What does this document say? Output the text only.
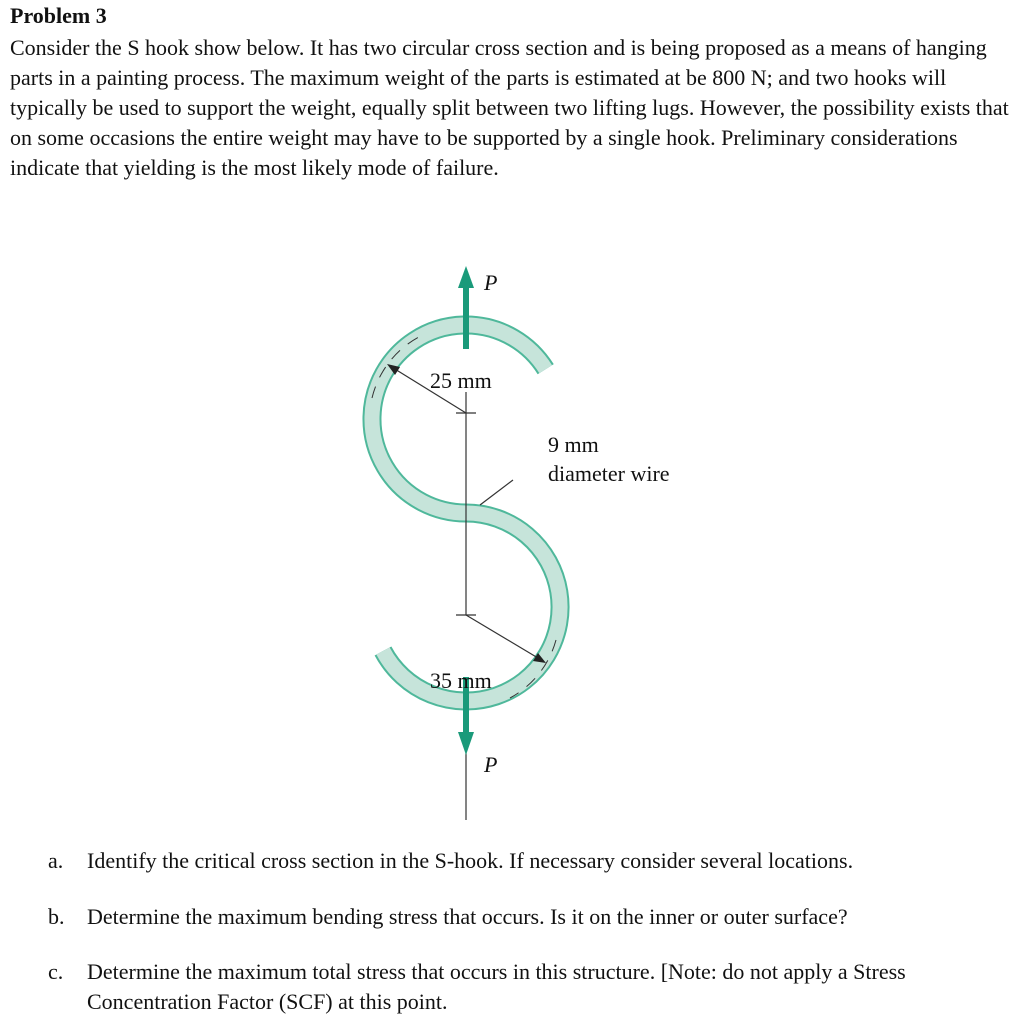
Problem 3
Consider the S hook show below. It has two circular cross section and is being proposed as a means of hanging parts in a painting process. The maximum weight of the parts is estimated at be 800 N; and two hooks will typically be used to support the weight, equally split between two lifting lugs. However, the possibility exists that on some occasions the entire weight may have to be supported by a single hook. Preliminary considerations indicate that yielding is the most likely mode of failure.
P
P
25 mm
35 mm
9 mm
diameter wire
a. Identify the critical cross section in the S-hook. If necessary consider several locations.
b. Determine the maximum bending stress that occurs. Is it on the inner or outer surface?
c. Determine the maximum total stress that occurs in this structure. [Note: do not apply a Stress Concentration Factor (SCF) at this point.
